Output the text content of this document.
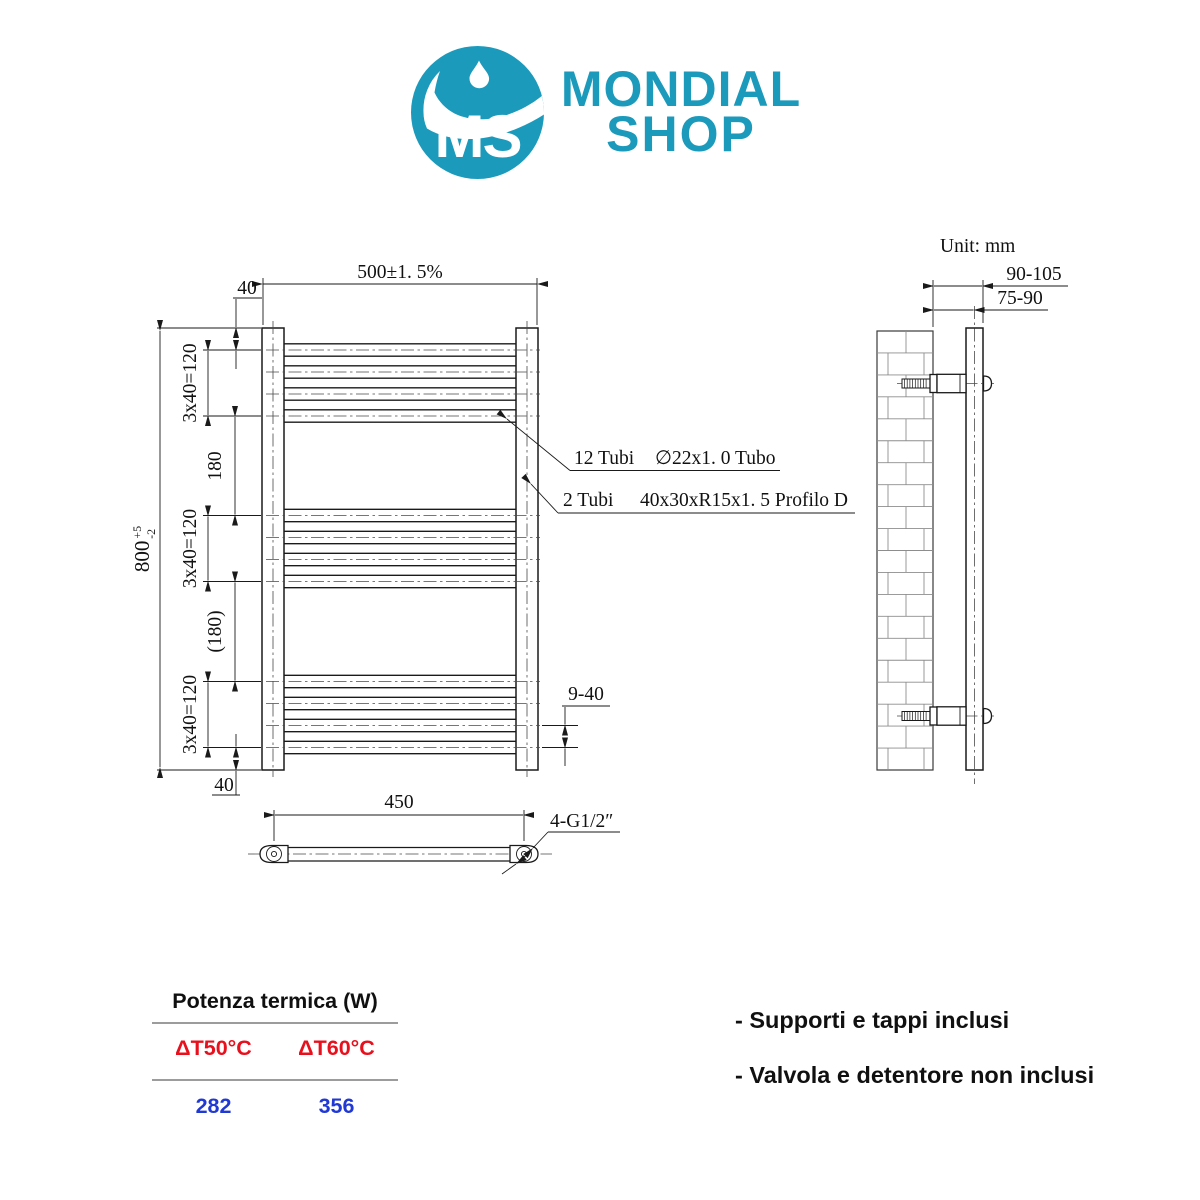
MS
MONDIAL
SHOP
500±1. 5%
40
3x40=120
180
3x40=120
(180)
3x40=120
40
$800^{+5}-2$
9-40
12 Tubi ∅22x1. 0 Tubo
2 Tubi 40x30xR15x1. 5 Profilo D
450
4-G1/2″
Unit: mm
90-105
75-90
Potenza termica (W)
ΔT50°C	ΔT60°C
282	356
- Supporti e tappi inclusi
- Valvola e detentore non inclusi
